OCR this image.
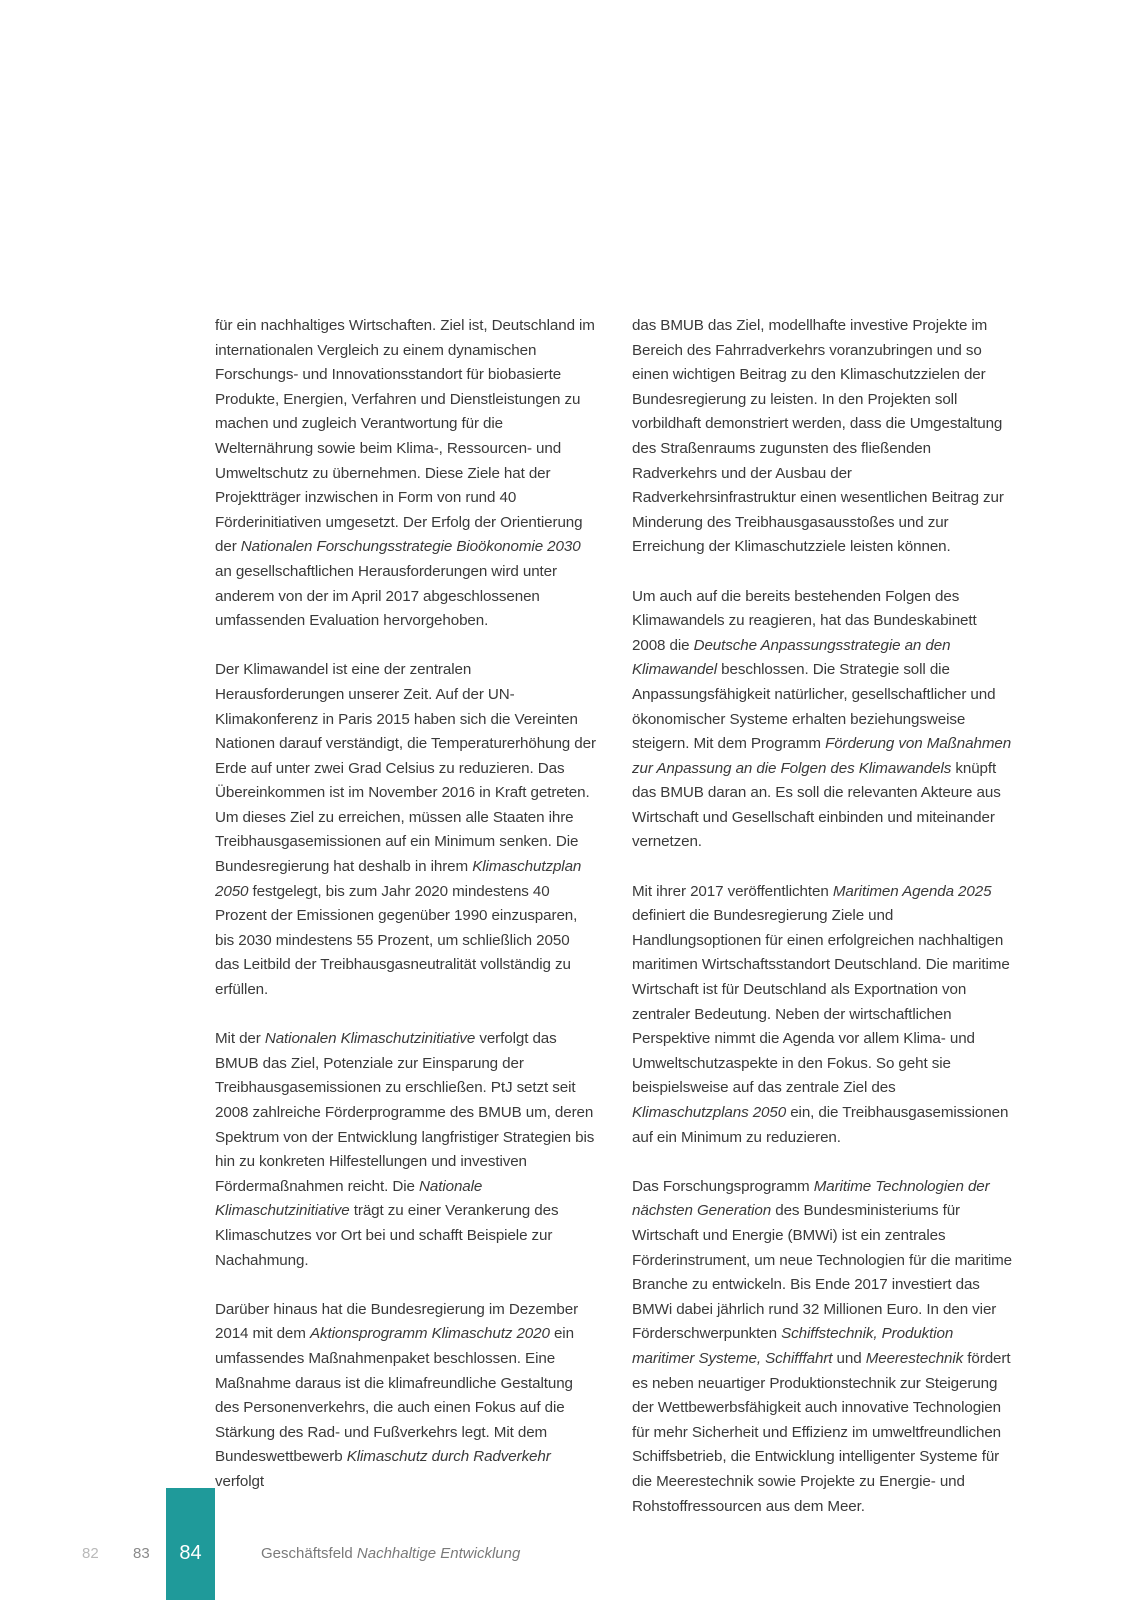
für ein nachhaltiges Wirtschaften. Ziel ist, Deutschland im internationalen Vergleich zu einem dynamischen Forschungs- und Innovationsstandort für biobasierte Produkte, Energien, Verfahren und Dienstleistungen zu machen und zugleich Verantwortung für die Welternährung sowie beim Klima-, Ressourcen- und Umweltschutz zu übernehmen. Diese Ziele hat der Projektträger inzwischen in Form von rund 40 Förderinitiativen umgesetzt. Der Erfolg der Orientierung der Nationalen Forschungsstrategie Bioökonomie 2030 an gesellschaftlichen Herausforderungen wird unter anderem von der im April 2017 abgeschlossenen umfassenden Evaluation hervorgehoben.

Der Klimawandel ist eine der zentralen Herausforderungen unserer Zeit. Auf der UN-Klimakonferenz in Paris 2015 haben sich die Vereinten Nationen darauf verständigt, die Temperaturerhöhung der Erde auf unter zwei Grad Celsius zu reduzieren. Das Übereinkommen ist im November 2016 in Kraft getreten. Um dieses Ziel zu erreichen, müssen alle Staaten ihre Treibhausgasemissionen auf ein Minimum senken. Die Bundesregierung hat deshalb in ihrem Klimaschutzplan 2050 festgelegt, bis zum Jahr 2020 mindestens 40 Prozent der Emissionen gegenüber 1990 einzusparen, bis 2030 mindestens 55 Prozent, um schließlich 2050 das Leitbild der Treibhausgasneutralität vollständig zu erfüllen.

Mit der Nationalen Klimaschutzinitiative verfolgt das BMUB das Ziel, Potenziale zur Einsparung der Treibhausgasemissionen zu erschließen. PtJ setzt seit 2008 zahlreiche Förderprogramme des BMUB um, deren Spektrum von der Entwicklung langfristiger Strategien bis hin zu konkreten Hilfestellungen und investiven Fördermaßnahmen reicht. Die Nationale Klimaschutzinitiative trägt zu einer Verankerung des Klimaschutzes vor Ort bei und schafft Beispiele zur Nachahmung.

Darüber hinaus hat die Bundesregierung im Dezember 2014 mit dem Aktionsprogramm Klimaschutz 2020 ein umfassendes Maßnahmenpaket beschlossen. Eine Maßnahme daraus ist die klimafreundliche Gestaltung des Personenverkehrs, die auch einen Fokus auf die Stärkung des Rad- und Fußverkehrs legt. Mit dem Bundeswettbewerb Klimaschutz durch Radverkehr verfolgt

das BMUB das Ziel, modellhafte investive Projekte im Bereich des Fahrradverkehrs voranzubringen und so einen wichtigen Beitrag zu den Klimaschutzzielen der Bundesregierung zu leisten. In den Projekten soll vorbildhaft demonstriert werden, dass die Umgestaltung des Straßenraums zugunsten des fließenden Radverkehrs und der Ausbau der Radverkehrsinfrastruktur einen wesentlichen Beitrag zur Minderung des Treibhausgasausstoßes und zur Erreichung der Klimaschutzziele leisten können.

Um auch auf die bereits bestehenden Folgen des Klimawandels zu reagieren, hat das Bundeskabinett 2008 die Deutsche Anpassungsstrategie an den Klimawandel beschlossen. Die Strategie soll die Anpassungsfähigkeit natürlicher, gesellschaftlicher und ökonomischer Systeme erhalten beziehungsweise steigern. Mit dem Programm Förderung von Maßnahmen zur Anpassung an die Folgen des Klimawandels knüpft das BMUB daran an. Es soll die relevanten Akteure aus Wirtschaft und Gesellschaft einbinden und miteinander vernetzen.

Mit ihrer 2017 veröffentlichten Maritimen Agenda 2025 definiert die Bundesregierung Ziele und Handlungsoptionen für einen erfolgreichen nachhaltigen maritimen Wirtschaftsstandort Deutschland. Die maritime Wirtschaft ist für Deutschland als Exportnation von zentraler Bedeutung. Neben der wirtschaftlichen Perspektive nimmt die Agenda vor allem Klima- und Umweltschutzaspekte in den Fokus. So geht sie beispielsweise auf das zentrale Ziel des Klimaschutzplans 2050 ein, die Treibhausgasemissionen auf ein Minimum zu reduzieren.

Das Forschungsprogramm Maritime Technologien der nächsten Generation des Bundesministeriums für Wirtschaft und Energie (BMWi) ist ein zentrales Förderinstrument, um neue Technologien für die maritime Branche zu entwickeln. Bis Ende 2017 investiert das BMWi dabei jährlich rund 32 Millionen Euro. In den vier Förderschwerpunkten Schiffstechnik, Produktion maritimer Systeme, Schifffahrt und Meerestechnik fördert es neben neuartiger Produktionstechnik zur Steigerung der Wettbewerbsfähigkeit auch innovative Technologien für mehr Sicherheit und Effizienz im umweltfreundlichen Schiffsbetrieb, die Entwicklung intelligenter Systeme für die Meerestechnik sowie Projekte zu Energie- und Rohstoffressourcen aus dem Meer.

82 83	84	Geschäftsfeld Nachhaltige Entwicklung
